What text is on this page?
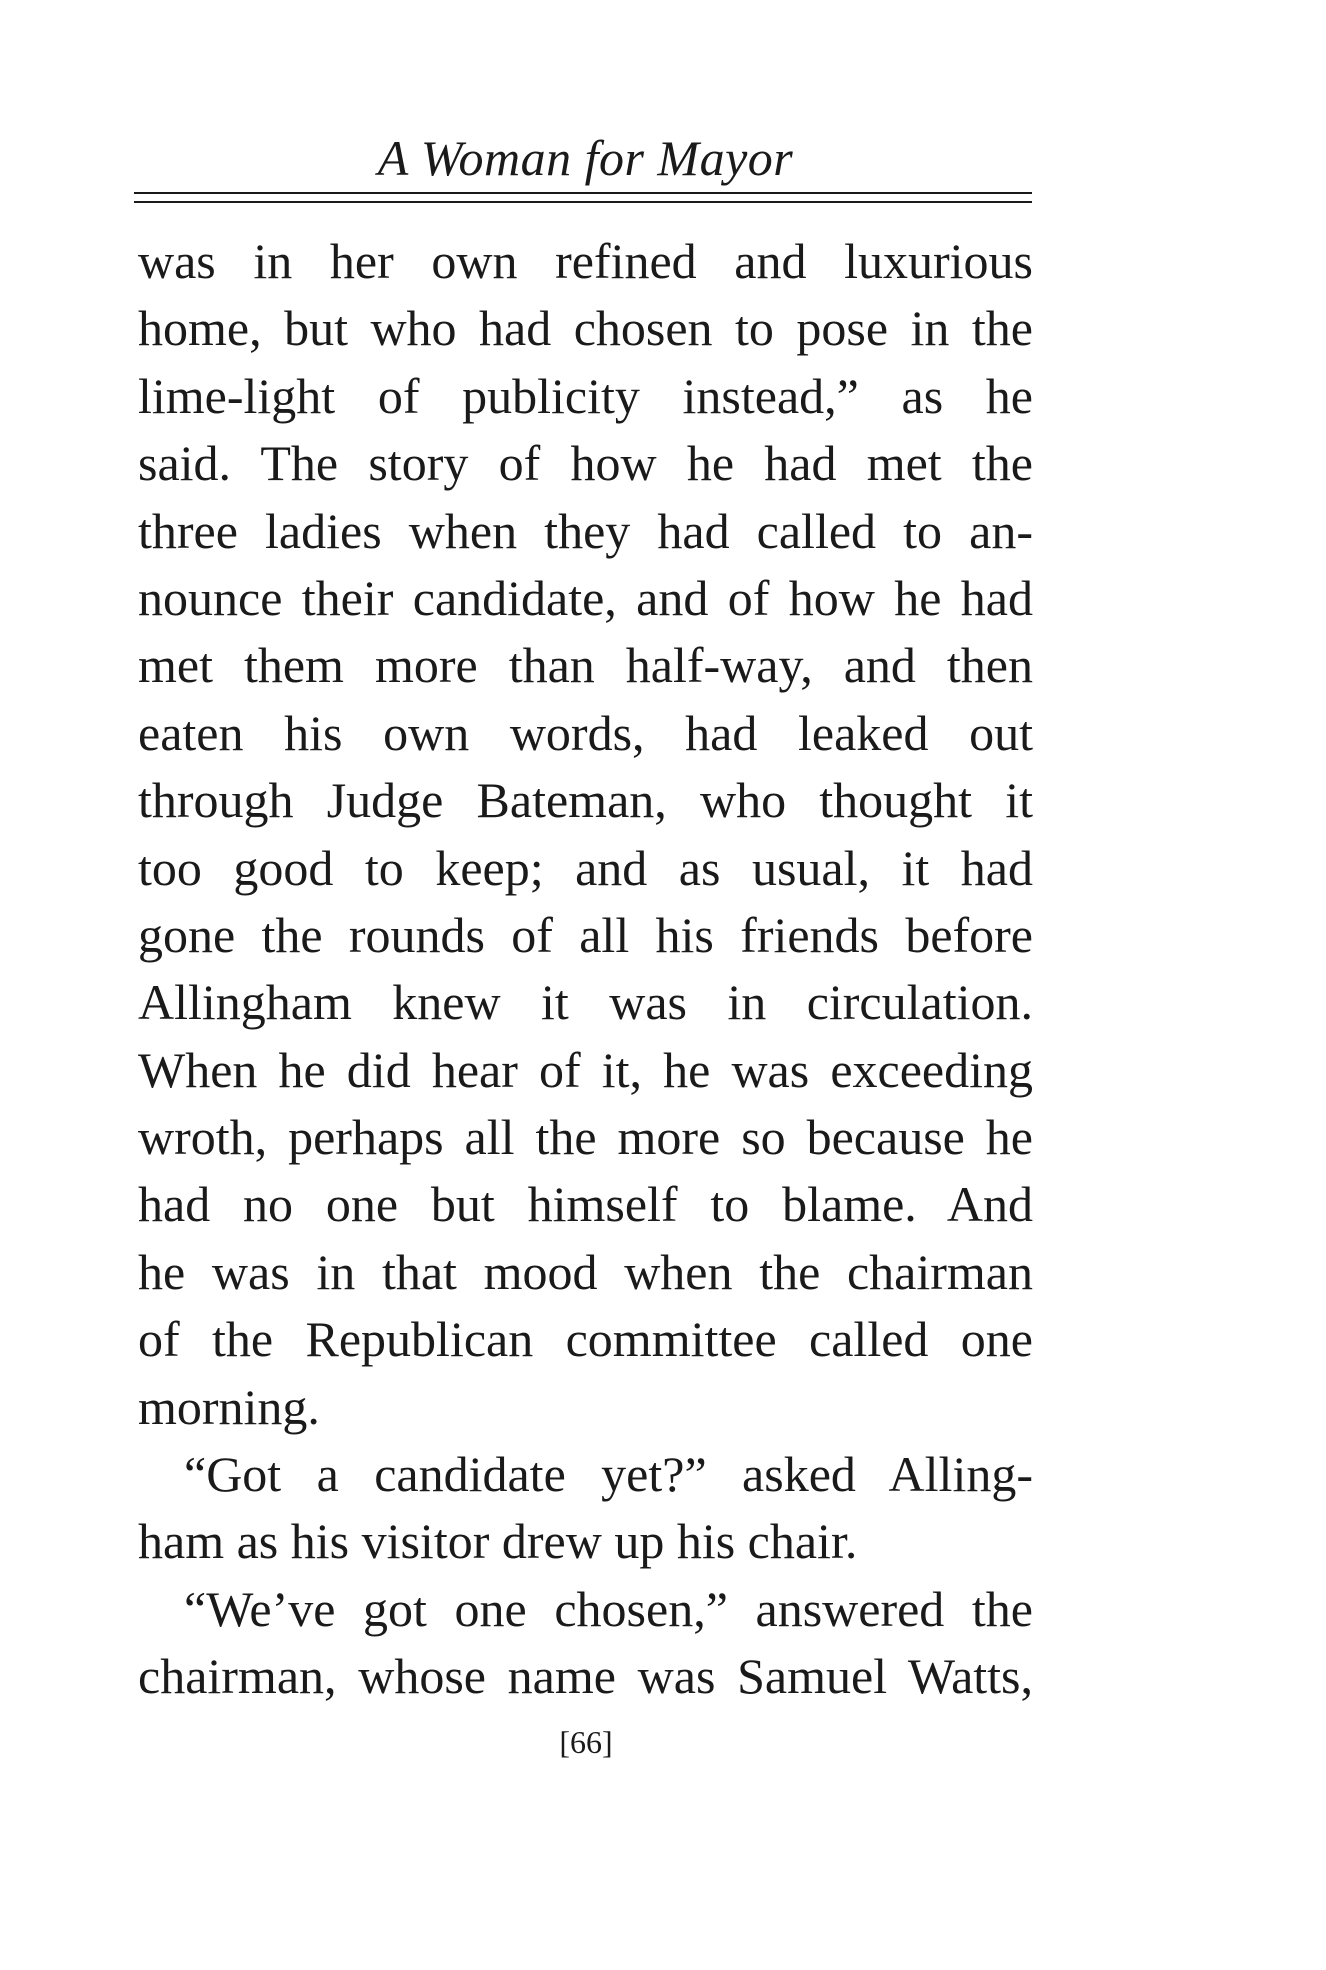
A Woman for Mayor
was in her own refined and luxurious
home, but who had chosen to pose in the
lime-light of publicity instead,” as he
said. The story of how he had met the
three ladies when they had called to an-
nounce their candidate, and of how he had
met them more than half-way, and then
eaten his own words, had leaked out
through Judge Bateman, who thought it
too good to keep; and as usual, it had
gone the rounds of all his friends before
Allingham knew it was in circulation.
When he did hear of it, he was exceeding
wroth, perhaps all the more so because he
had no one but himself to blame. And
he was in that mood when the chairman
of the Republican committee called one
morning.
“Got a candidate yet?” asked Alling-
ham as his visitor drew up his chair.
“We’ve got one chosen,” answered the
chairman, whose name was Samuel Watts,
[66]
